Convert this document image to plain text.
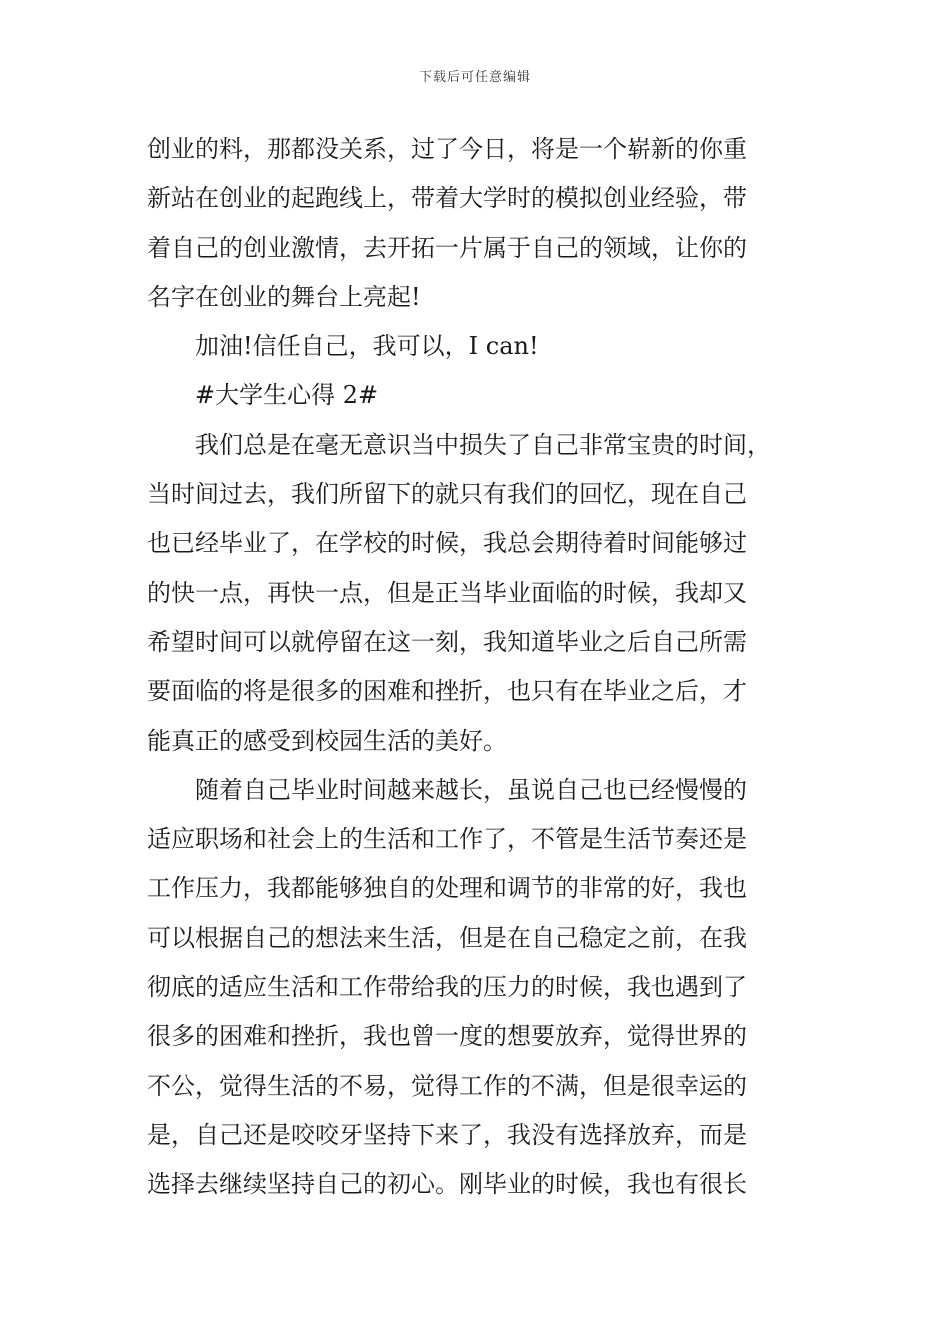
下载后可任意编辑
创业的料，那都没关系，过了今日，将是一个崭新的你重
新站在创业的起跑线上，带着大学时的模拟创业经验，带
着自己的创业激情，去开拓一片属于自己的领域，让你的
名字在创业的舞台上亮起!
加油!信任自己，我可以，I can!
#大学生心得 2#
我们总是在毫无意识当中损失了自己非常宝贵的时间，
当时间过去，我们所留下的就只有我们的回忆，现在自己
也已经毕业了，在学校的时候，我总会期待着时间能够过
的快一点，再快一点，但是正当毕业面临的时候，我却又
希望时间可以就停留在这一刻，我知道毕业之后自己所需
要面临的将是很多的困难和挫折，也只有在毕业之后，才
能真正的感受到校园生活的美好。
随着自己毕业时间越来越长，虽说自己也已经慢慢的
适应职场和社会上的生活和工作了，不管是生活节奏还是
工作压力，我都能够独自的处理和调节的非常的好，我也
可以根据自己的想法来生活，但是在自己稳定之前，在我
彻底的适应生活和工作带给我的压力的时候，我也遇到了
很多的困难和挫折，我也曾一度的想要放弃，觉得世界的
不公，觉得生活的不易，觉得工作的不满，但是很幸运的
是，自己还是咬咬牙坚持下来了，我没有选择放弃，而是
选择去继续坚持自己的初心。刚毕业的时候，我也有很长
